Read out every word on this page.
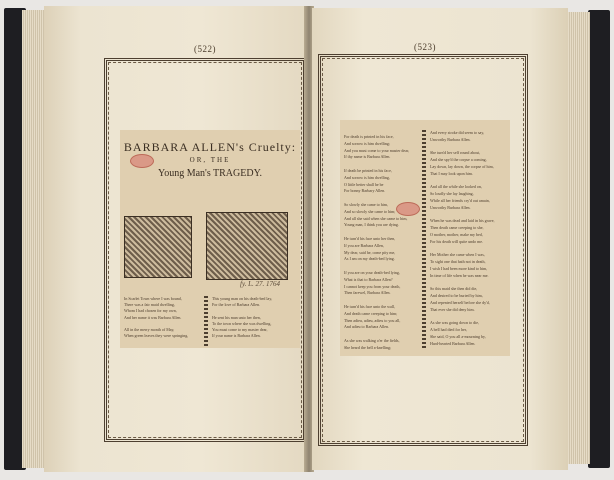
(522)
BARBARA ALLEN's Cruelty:
OR, THE
Young Man's TRAGEDY.
fy. L. 27. 1764
In Scarlet Town where I was bound,
There was a fair maid dwelling,
Whom I had chosen for my own,
And her name it was Barbara Allen.

All in the merry month of May,
When green leaves they were springing,
This young man on his death-bed lay,
For the love of Barbara Allen.

He sent his man unto her then,
To the town where she was dwelling,
You must come to my master dear,
If your name is Barbara Allen.
(523)
For death is printed in his face,
And sorrow is him dwelling;
And you must come to your master dear,
If thy name is Barbara Allen.

If death be printed in his face,
And sorrow is him dwelling,
O little better shall he be
For bonny Barbary Allen.

So slowly she came to him,
And so slowly she came to him;
And all she said when she came to him,
Young man, I think you are dying.

He turn'd his face unto her then,
If you are Barbara Allen,
My dear, said he, come pity me,
As I am on my death-bed lying.

If you are on your death-bed lying,
What is that to Barbara Allen?
I cannot keep you from your death,
Then farewel, Barbara Allen.

He turn'd his face unto the wall,
And death came creeping to him;
Then adieu, adieu, adieu to you all,
And adieu to Barbara Allen.

As she was walking o'er the fields,
She heard the bell a-knelling;
And every stroke did seem to say,
Unworthy Barbara Allen.

She turn'd her self round about,
And she spy'd the corpse a coming,
Lay down, lay down, the corpse of him,
That I may look upon him.

And all the while she looked on,
So loudly she lay laughing,
While all her friends cry'd out amain,
Unworthy Barbara Allen.

When he was dead and laid in his grave,
Then death came creeping to she,
O mother, mother, make my bed,
For his death will quite undo me.

Her Mother she came when I was,
To sight one that hath not in death,
I wish I had been more kind to him,
In time of life when he was near me.

So this maid she then did die,
And desired to be buried by him,
And repented herself before she dy'd,
That ever she did deny him.

As she was going down to die,
A bell had died for her,
She said, O you all a-mourning by,
Hard-hearted Barbara Allen.
